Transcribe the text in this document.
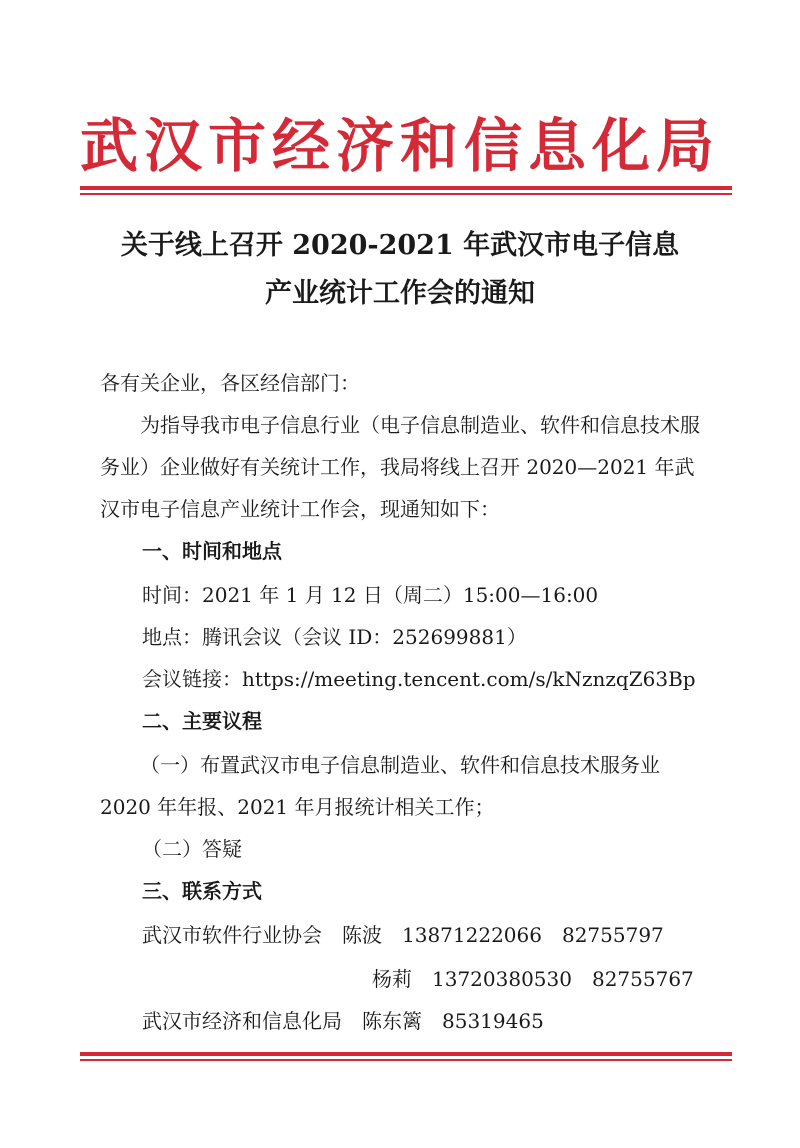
武汉市经济和信息化局
关于线上召开 2020-2021 年武汉市电子信息
产业统计工作会的通知
各有关企业，各区经信部门：
为指导我市电子信息行业（电子信息制造业、软件和信息技术服务业）企业做好有关统计工作，我局将线上召开 2020—2021 年武汉市电子信息产业统计工作会，现通知如下：
一、时间和地点
时间：2021 年 1 月 12 日（周二）15:00—16:00
地点：腾讯会议（会议 ID：252699881）
会议链接：https://meeting.tencent.com/s/kNznzqZ63Bp
二、主要议程
（一）布置武汉市电子信息制造业、软件和信息技术服务业 2020 年年报、2021 年月报统计相关工作；
（二）答疑
三、联系方式
武汉市软件行业协会　陈波　13871222066　82755797
杨莉　13720380530　82755767
武汉市经济和信息化局　陈东篱　85319465
